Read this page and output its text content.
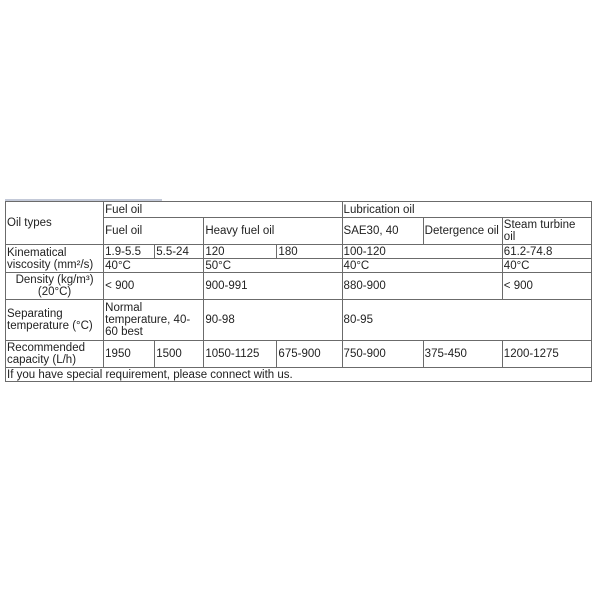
Oil types	Fuel oil				Lubrication oil		
	Fuel oil		Heavy fuel oil		SAE30, 40	Detergence oil	Steam turbine oil
Kinematical viscosity (mm²/s)	1.9-5.5	5.5-24	120	180	100-120		61.2-74.8
	40°C		50°C		40°C		40°C
Density (kg/m³)(20°C)	< 900		900-991		880-900		< 900
Separating temperature (°C)	Normal temperature, 40-60 best		90-98		80-95		
Recommended capacity (L/h)	1950	1500	1050-1125	675-900	750-900	375-450	1200-1275
If you have special requirement, please connect with us.							
